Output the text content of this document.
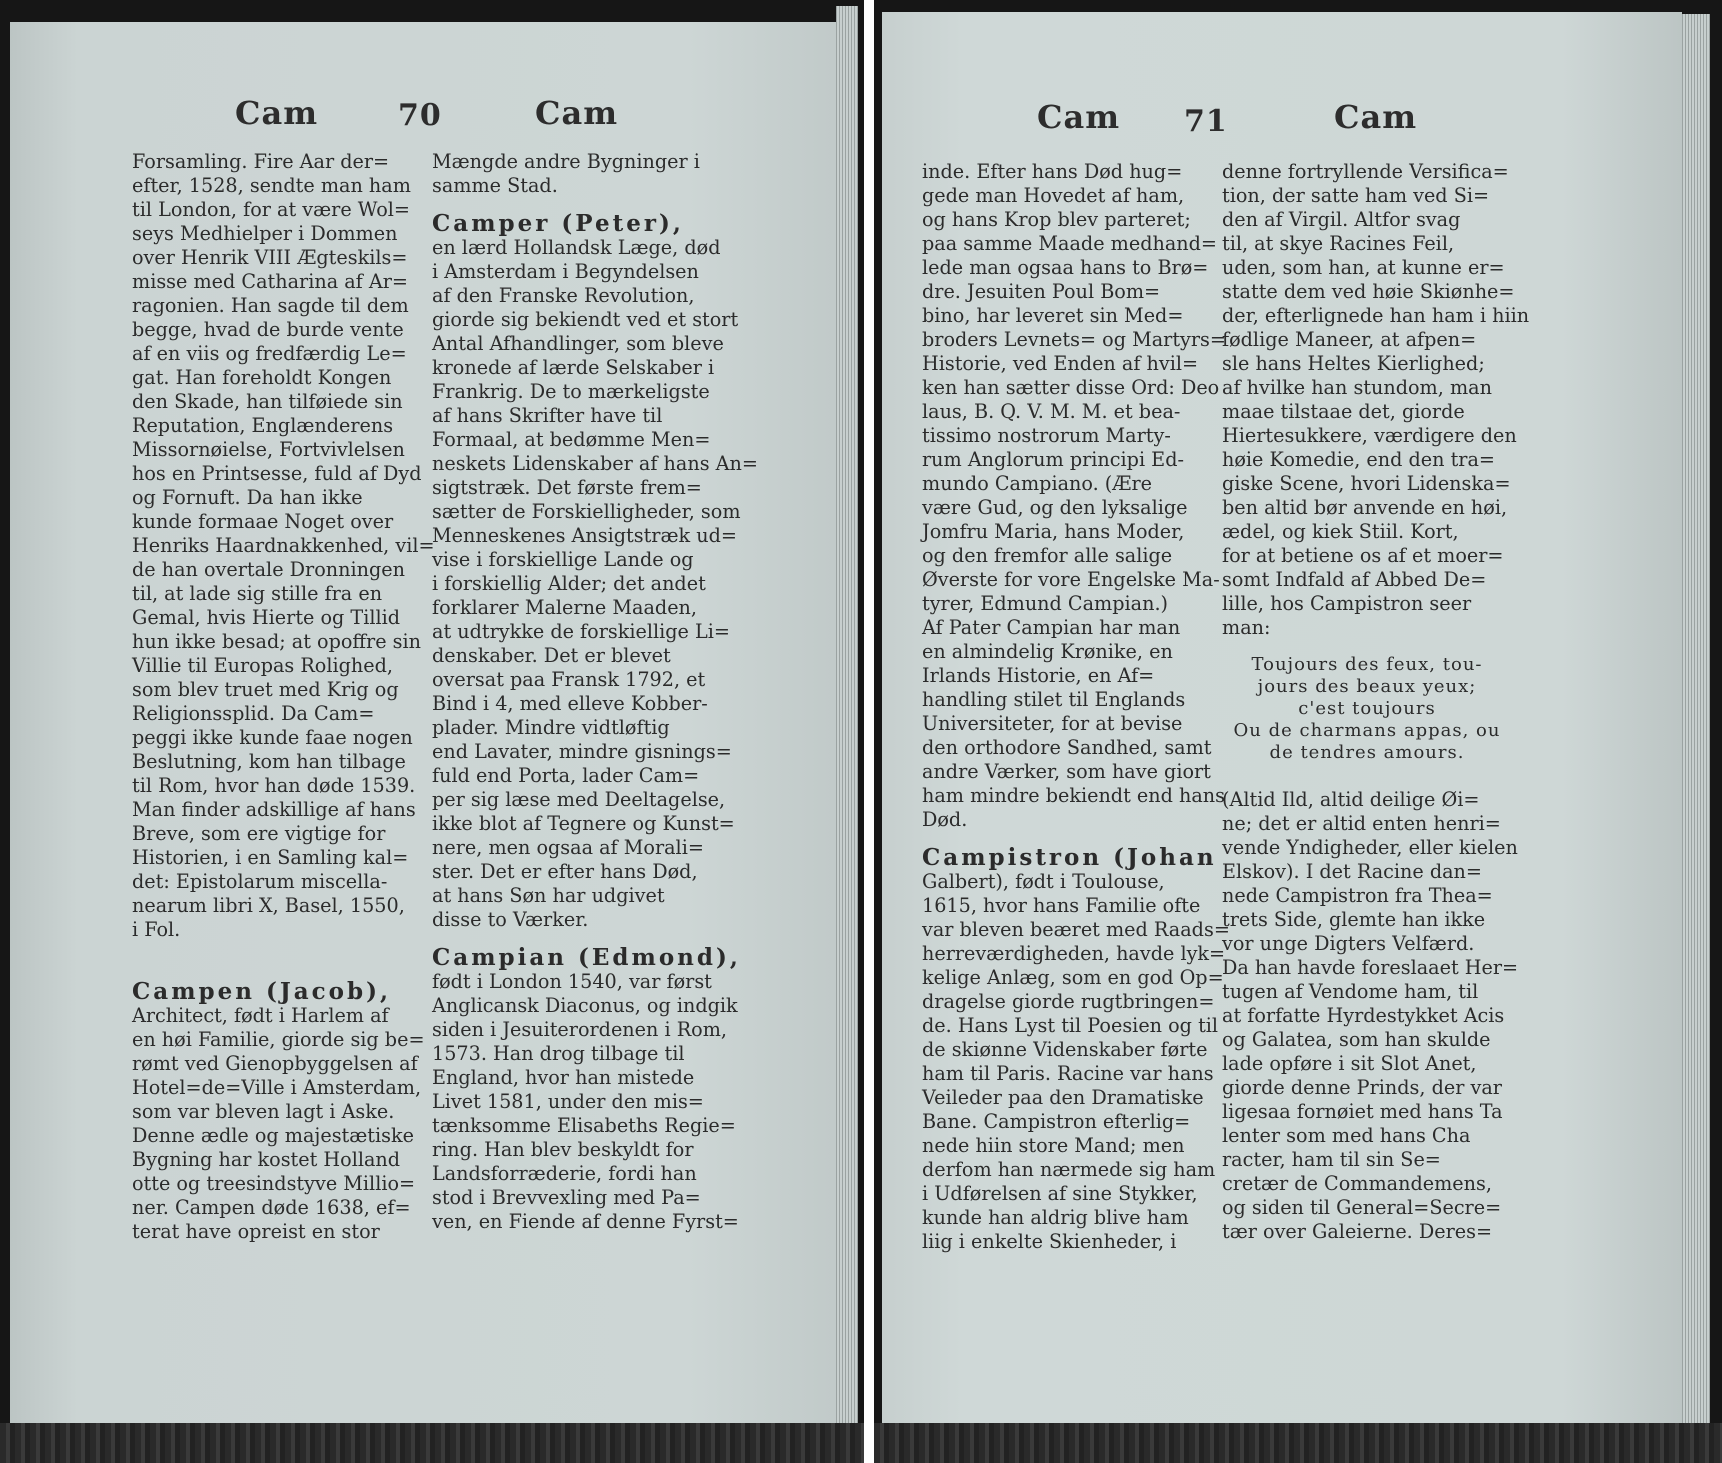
Cam	70	Cam
Forsamling. Fire Aar der=
efter, 1528, sendte man ham
til London, for at være Wol=
seys Medhielper i Dommen
over Henrik VIII Ægteskils=
misse med Catharina af Ar=
ragonien. Han sagde til dem
begge, hvad de burde vente
af en viis og fredfærdig Le=
gat. Han foreholdt Kongen
den Skade, han tilføiede sin
Reputation, Englænderens
Missornøielse, Fortvivlelsen
hos en Printsesse, fuld af Dyd
og Fornuft. Da han ikke
kunde formaae Noget over
Henriks Haardnakkenhed, vil=
de han overtale Dronningen
til, at lade sig stille fra en
Gemal, hvis Hierte og Tillid
hun ikke besad; at opoffre sin
Villie til Europas Rolighed,
som blev truet med Krig og
Religionssplid. Da Cam=
peggi ikke kunde faae nogen
Beslutning, kom han tilbage
til Rom, hvor han døde 1539.
Man finder adskillige af hans
Breve, som ere vigtige for
Historien, i en Samling kal=
det: Epistolarum miscella-
nearum libri X, Basel, 1550,
i Fol.
Campen (Jacob),
Architect, født i Harlem af
en høi Familie, giorde sig be=
rømt ved Gienopbyggelsen af
Hotel=de=Ville i Amsterdam,
som var bleven lagt i Aske.
Denne ædle og majestætiske
Bygning har kostet Holland
otte og treesindstyve Millio=
ner. Campen døde 1638, ef=
terat have opreist en stor
Mængde andre Bygninger i
samme Stad.
Camper (Peter),
en lærd Hollandsk Læge, død
i Amsterdam i Begyndelsen
af den Franske Revolution,
giorde sig bekiendt ved et stort
Antal Afhandlinger, som bleve
kronede af lærde Selskaber i
Frankrig. De to mærkeligste
af hans Skrifter have til
Formaal, at bedømme Men=
neskets Lidenskaber af hans An=
sigtstræk. Det første frem=
sætter de Forskielligheder, som
Menneskenes Ansigtstræk ud=
vise i forskiellige Lande og
i forskiellig Alder; det andet
forklarer Malerne Maaden,
at udtrykke de forskiellige Li=
denskaber. Det er blevet
oversat paa Fransk 1792, et
Bind i 4, med elleve Kobber-
plader. Mindre vidtløftig
end Lavater, mindre gisnings=
fuld end Porta, lader Cam=
per sig læse med Deeltagelse,
ikke blot af Tegnere og Kunst=
nere, men ogsaa af Morali=
ster. Det er efter hans Død,
at hans Søn har udgivet
disse to Værker.
Campian (Edmond),
født i London 1540, var først
Anglicansk Diaconus, og indgik
siden i Jesuiterordenen i Rom,
1573. Han drog tilbage til
England, hvor han mistede
Livet 1581, under den mis=
tænksomme Elisabeths Regie=
ring. Han blev beskyldt for
Landsforræderie, fordi han
stod i Brevvexling med Pa=
ven, en Fiende af denne Fyrst=
Cam 71	Cam
inde. Efter hans Død hug=
gede man Hovedet af ham,
og hans Krop blev parteret;
paa samme Maade medhand=
lede man ogsaa hans to Brø=
dre. Jesuiten Poul Bom=
bino, har leveret sin Med=
broders Levnets= og Martyrs=
Historie, ved Enden af hvil=
ken han sætter disse Ord: Deo
laus, B. Q. V. M. M. et bea-
tissimo nostrorum Marty-
rum Anglorum principi Ed-
mundo Campiano. (Ære
være Gud, og den lyksalige
Jomfru Maria, hans Moder,
og den fremfor alle salige
Øverste for vore Engelske Ma-
tyrer, Edmund Campian.)
Af Pater Campian har man
en almindelig Krønike, en
Irlands Historie, en Af=
handling stilet til Englands
Universiteter, for at bevise
den orthodore Sandhed, samt
andre Værker, som have giort
ham mindre bekiendt end hans
Død.
Campistron (Johan
Galbert), født i Toulouse,
1615, hvor hans Familie ofte
var bleven beæret med Raads=
herreværdigheden, havde lyk=
kelige Anlæg, som en god Op=
dragelse giorde rugtbringen=
de. Hans Lyst til Poesien og til
de skiønne Videnskaber førte
ham til Paris. Racine var hans
Veileder paa den Dramatiske
Bane. Campistron efterlig=
nede hiin store Mand; men
derfom han nærmede sig ham
i Udførelsen af sine Stykker,
kunde han aldrig blive ham
liig i enkelte Skienheder, i
denne fortryllende Versifica=
tion, der satte ham ved Si=
den af Virgil. Altfor svag
til, at skye Racines Feil,
uden, som han, at kunne er=
statte dem ved høie Skiønhe=
der, efterlignede han ham i hiin
fødlige Maneer, at afpen=
sle hans Heltes Kierlighed;
af hvilke han stundom, man
maae tilstaae det, giorde
Hiertesukkere, værdigere den
høie Komedie, end den tra=
giske Scene, hvori Lidenska=
ben altid bør anvende en høi,
ædel, og kiek Stiil. Kort,
for at betiene os af et moer=
somt Indfald af Abbed De=
lille, hos Campistron seer
man:
Toujours des feux, tou-
jours des beaux yeux;
c'est toujours
Ou de charmans appas, ou
de tendres amours.
(Altid Ild, altid deilige Øi=
ne; det er altid enten henri=
vende Yndigheder, eller kielen
Elskov). I det Racine dan=
nede Campistron fra Thea=
trets Side, glemte han ikke
vor unge Digters Velfærd.
Da han havde foreslaaet Her=
tugen af Vendome ham, til
at forfatte Hyrdestykket Acis
og Galatea, som han skulde
lade opføre i sit Slot Anet,
giorde denne Prinds, der var
ligesaa fornøiet med hans Ta
lenter som med hans Cha
racter, ham til sin Se=
cretær de Commandemens,
og siden til General=Secre=
tær over Galeierne. Deres=
